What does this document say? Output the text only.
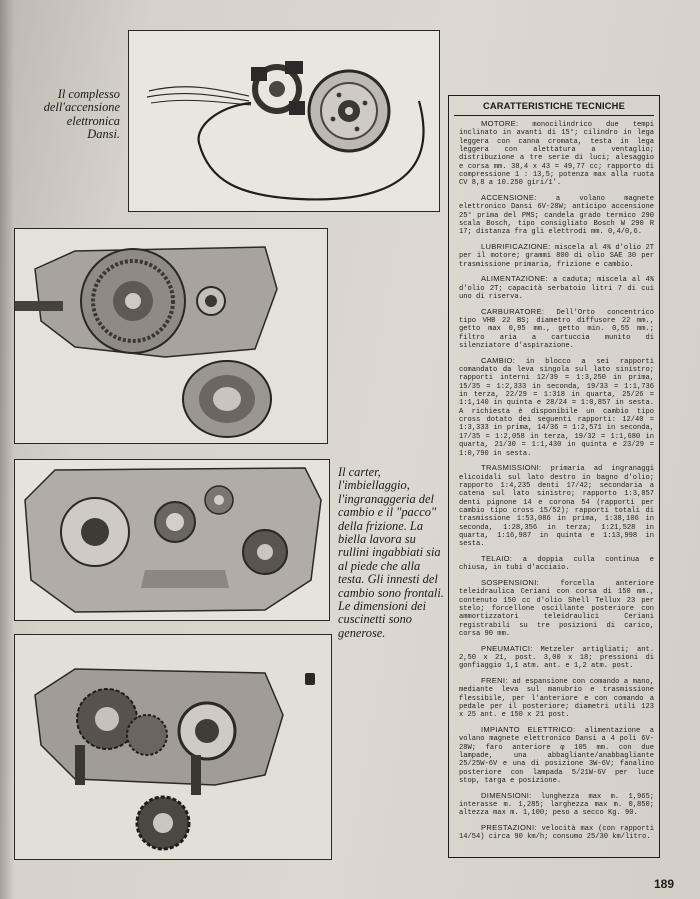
Il complesso dell'accensione elettronica Dansi.
Il carter, l'imbiellaggio, l'ingranaggeria del cambio e il "pacco" della frizione. La biella lavora su rullini ingabbiati sia al piede che alla testa. Gli innesti del cambio sono frontali. Le dimensioni dei cuscinetti sono generose.
CARATTERISTICHE TECNICHE

MOTORE: monocilindrico due tempi inclinato in avanti di 15°; cilindro in lega leggera con canna cromata, testa in lega leggera con alettatura a ventaglio; distribuzione a tre serie di luci; alesaggio e corsa mm. 38,4 x 43 = 49,77 cc; rapporto di compressione 1 : 13,5; potenza max alla ruota CV 8,8 a 10.250 giri/1'.

ACCENSIONE: a volano magnete elettronico Dansi 6V-28W; anticipo accensione 25° prima del PMS; candela grado termico 290 scala Bosch, tipo consigliato Bosch W 290 R 17; distanza fra gli elettrodi mm. 0,4/0,6.

LUBRIFICAZIONE: miscela al 4% d'olio 2T per il motore; grammi 800 di olio SAE 30 per trasmissione primaria, frizione e cambio.

ALIMENTAZIONE: a caduta; miscela al 4% d'olio 2T; capacità serbatoio litri 7 di cui uno di riserva.

CARBURATORE: Dell'Orto concentrico tipo VHB 22 BS; diametro diffusore 22 mm., getto max 0,95 mm., getto min. 0,55 mm.; filtro aria a cartuccia munito di silenziatore d'aspirazione.

CAMBIO: in blocco a sei rapporti comandato da leva singola sul lato sinistro; rapporti interni 12/39 = 1:3,250 in prima, 15/35 = 1:2,333 in seconda, 19/33 = 1:1,736 in terza, 22/29 = 1:318 in quarta, 25/26 = 1:1,140 in quinta e 28/24 = 1:0,857 in sesta. A richiesta è disponibile un cambio tipo cross dotato dei seguenti rapporti: 12/40 = 1:3,333 in prima, 14/36 = 1:2,571 in seconda, 17/35 = 1:2,058 in terza, 19/32 = 1:1,680 in quarta, 21/30 = 1:1,430 in quinta e 23/29 = 1:0,790 in sesta.

TRASMISSIONI: primaria ad ingranaggi elicoidali sul lato destro in bagno d'olio; rapporto 1:4,235 denti 17/42; secondaria a catena sul lato sinistro; rapporto 1:3,857 denti pignone 14 e corona 54 (rapporti per cambio tipo cross 15/52); rapporti totali di trasmissione 1:53,086 in prima, 1:38,106 in seconda, 1:28,356 in terza; 1:21,528 in quarta, 1:16,987 in quinta e 1:13,998 in sesta.

TELAIO: a doppia culla continua e chiusa, in tubi d'acciaio.

SOSPENSIONI: forcella anteriore teleidraulica Ceriani con corsa di 150 mm., contenuto 150 cc d'olio Shell Tellux 23 per stelo; forcellone oscillante posteriore con ammortizzatori teleidraulici Ceriani registrabili su tre posizioni di carico, corsa 90 mm.

PNEUMATICI: Metzeler artigliati; ant. 2,50 x 21, post. 3,00 x 18; pressioni di gonfiaggio 1,1 atm. ant. e 1,2 atm. post.

FRENI: ad espansione con comando a mano, mediante leva sul manubrio e trasmissione flessibile, per l'anteriore e con comando a pedale per il posteriore; diametri utili 123 x 25 ant. e 150 x 21 post.

IMPIANTO ELETTRICO: alimentazione a volano magnete elettronico Dansi a 4 poli 6V-28W; faro anteriore φ 105 mm. con due lampade, una abbagliante/anabbagliante 25/25W-6V e una di posizione 3W-6V; fanalino posteriore con lampada 5/21W-6V per luce stop, targa e posizione.

DIMENSIONI: lunghezza max m. 1,965; interasse m. 1,285; larghezza max m. 0,850; altezza max m. 1,100; peso a secco Kg. 90.

PRESTAZIONI: velocità max (con rapporti 14/54) circa 90 km/h; consumo 25/30 km/litro.

189
